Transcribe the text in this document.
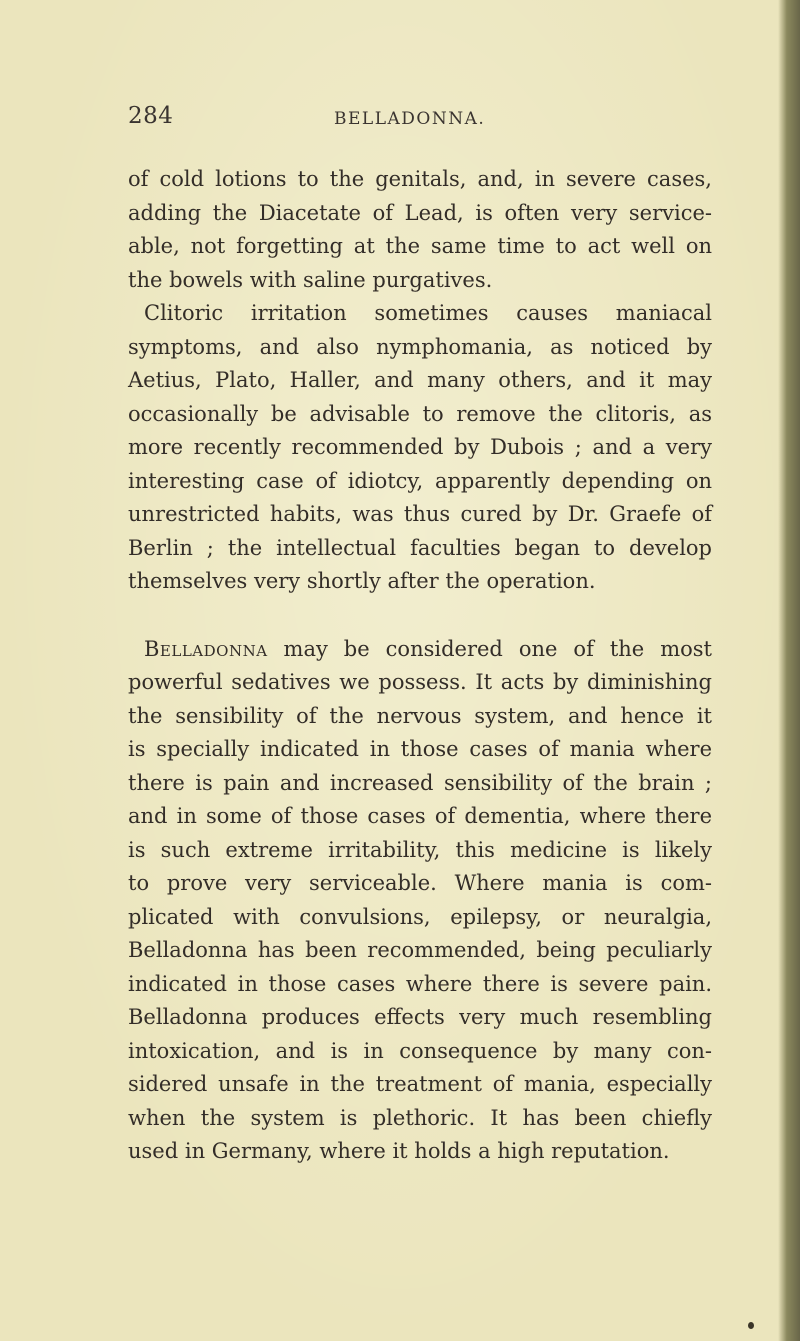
284	BELLADONNA.

of cold lotions to the genitals, and, in severe cases,
adding the Diacetate of Lead, is often very service-
able, not forgetting at the same time to act well on
the bowels with saline purgatives.

Clitoric irritation sometimes causes maniacal
symptoms, and also nymphomania, as noticed by
Aetius, Plato, Haller, and many others, and it may
occasionally be advisable to remove the clitoris, as
more recently recommended by Dubois ; and a very
interesting case of idiotcy, apparently depending on
unrestricted habits, was thus cured by Dr. Graefe of
Berlin ; the intellectual faculties began to develop
themselves very shortly after the operation.

Belladonna may be considered one of the most
powerful sedatives we possess. It acts by diminishing
the sensibility of the nervous system, and hence it
is specially indicated in those cases of mania where
there is pain and increased sensibility of the brain ;
and in some of those cases of dementia, where there
is such extreme irritability, this medicine is likely
to prove very serviceable. Where mania is com-
plicated with convulsions, epilepsy, or neuralgia,
Belladonna has been recommended, being peculiarly
indicated in those cases where there is severe pain.
Belladonna produces effects very much resembling
intoxication, and is in consequence by many con-
sidered unsafe in the treatment of mania, especially
when the system is plethoric. It has been chiefly
used in Germany, where it holds a high reputation.
